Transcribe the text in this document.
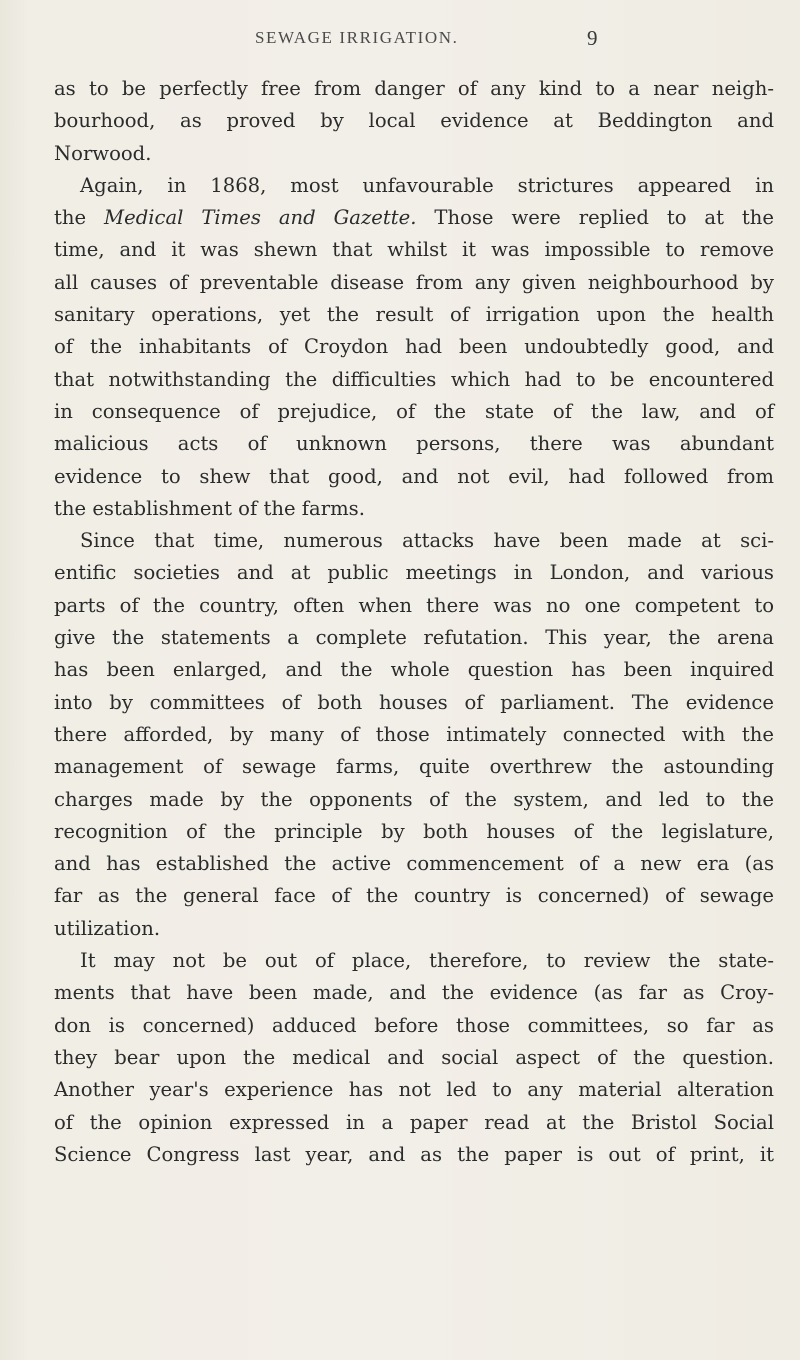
SEWAGE IRRIGATION.	9
as to be perfectly free from danger of any kind to a near neigh-
bourhood, as proved by local evidence at Beddington and
Norwood.
Again, in 1868, most unfavourable strictures appeared in
the Medical Times and Gazette. Those were replied to at the
time, and it was shewn that whilst it was impossible to remove
all causes of preventable disease from any given neighbourhood by
sanitary operations, yet the result of irrigation upon the health
of the inhabitants of Croydon had been undoubtedly good, and
that notwithstanding the difficulties which had to be encountered
in consequence of prejudice, of the state of the law, and of
malicious acts of unknown persons, there was abundant
evidence to shew that good, and not evil, had followed from
the establishment of the farms.
Since that time, numerous attacks have been made at sci-
entific societies and at public meetings in London, and various
parts of the country, often when there was no one competent to
give the statements a complete refutation. This year, the arena
has been enlarged, and the whole question has been inquired
into by committees of both houses of parliament. The evidence
there afforded, by many of those intimately connected with the
management of sewage farms, quite overthrew the astounding
charges made by the opponents of the system, and led to the
recognition of the principle by both houses of the legislature,
and has established the active commencement of a new era (as
far as the general face of the country is concerned) of sewage
utilization.
It may not be out of place, therefore, to review the state-
ments that have been made, and the evidence (as far as Croy-
don is concerned) adduced before those committees, so far as
they bear upon the medical and social aspect of the question.
Another year's experience has not led to any material alteration
of the opinion expressed in a paper read at the Bristol Social
Science Congress last year, and as the paper is out of print, it
